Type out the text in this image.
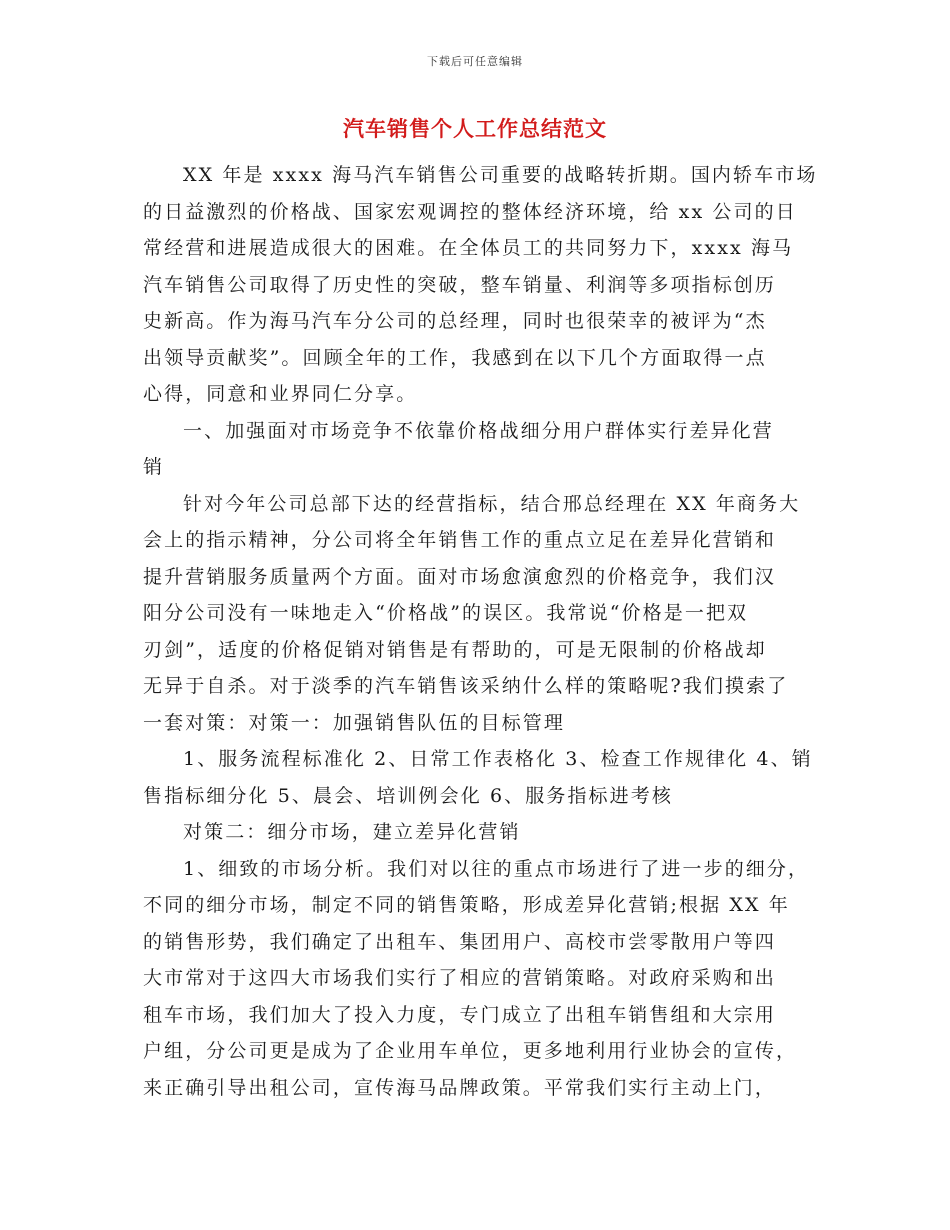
下载后可任意编辑
汽车销售个人工作总结范文
XX 年是 xxxx 海马汽车销售公司重要的战略转折期。国内轿车市场
的日益激烈的价格战、国家宏观调控的整体经济环境，给 xx 公司的日
常经营和进展造成很大的困难。在全体员工的共同努力下，xxxx 海马
汽车销售公司取得了历史性的突破，整车销量、利润等多项指标创历
史新高。作为海马汽车分公司的总经理，同时也很荣幸的被评为“杰
出领导贡献奖”。回顾全年的工作，我感到在以下几个方面取得一点
心得，同意和业界同仁分享。
一、加强面对市场竞争不依靠价格战细分用户群体实行差异化营
销
针对今年公司总部下达的经营指标，结合邢总经理在 XX 年商务大
会上的指示精神，分公司将全年销售工作的重点立足在差异化营销和
提升营销服务质量两个方面。面对市场愈演愈烈的价格竞争，我们汉
阳分公司没有一味地走入“价格战”的误区。我常说“价格是一把双
刃剑”，适度的价格促销对销售是有帮助的，可是无限制的价格战却
无异于自杀。对于淡季的汽车销售该采纳什么样的策略呢?我们摸索了
一套对策：对策一：加强销售队伍的目标管理
1、服务流程标准化 2、日常工作表格化 3、检查工作规律化 4、销
售指标细分化 5、晨会、培训例会化 6、服务指标进考核
对策二：细分市场，建立差异化营销
1、细致的市场分析。我们对以往的重点市场进行了进一步的细分，
不同的细分市场，制定不同的销售策略，形成差异化营销;根据 XX 年
的销售形势，我们确定了出租车、集团用户、高校市尝零散用户等四
大市常对于这四大市场我们实行了相应的营销策略。对政府采购和出
租车市场，我们加大了投入力度，专门成立了出租车销售组和大宗用
户组，分公司更是成为了企业用车单位，更多地利用行业协会的宣传，
来正确引导出租公司，宣传海马品牌政策。平常我们实行主动上门，
